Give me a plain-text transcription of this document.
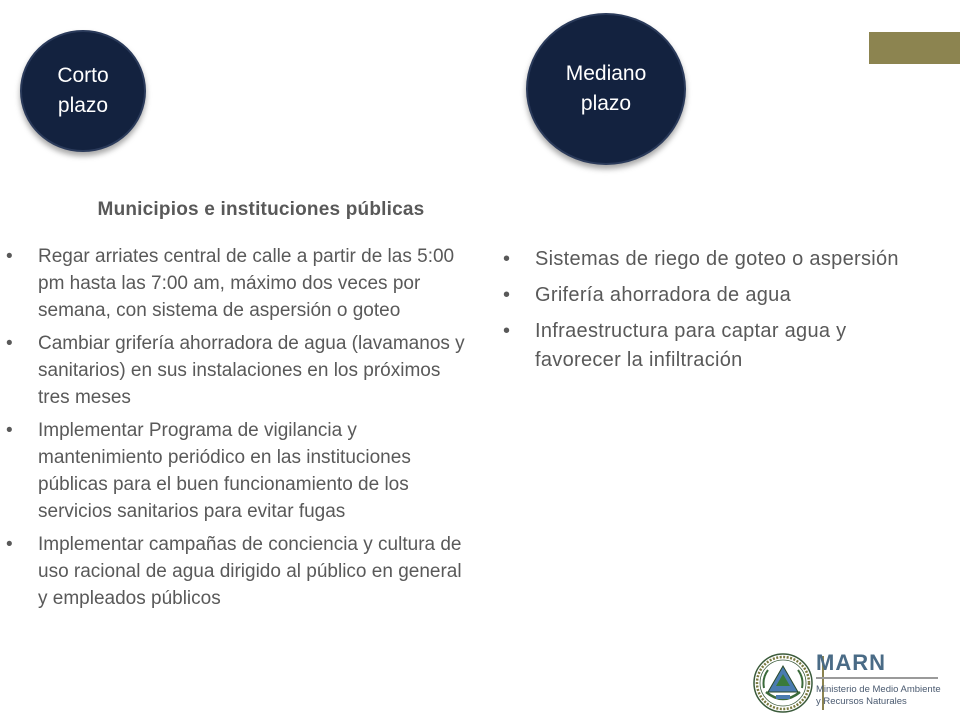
Corto plazo
Mediano plazo
Municipios e instituciones públicas
• Regar arriates central de calle a partir de las 5:00 pm hasta las 7:00 am, máximo dos veces por semana, con sistema de aspersión o goteo
• Cambiar grifería ahorradora de agua (lavamanos y sanitarios) en sus instalaciones en los próximos tres meses
• Implementar Programa de vigilancia y mantenimiento periódico en las instituciones públicas para el buen funcionamiento de los servicios sanitarios para evitar fugas
• Implementar campañas de conciencia y cultura de uso racional de agua dirigido al público en general y empleados públicos
• Sistemas de riego de goteo o aspersión
• Grifería ahorradora de agua
• Infraestructura para captar agua y favorecer la infiltración
MARN
Ministerio de Medio Ambiente
y Recursos Naturales
